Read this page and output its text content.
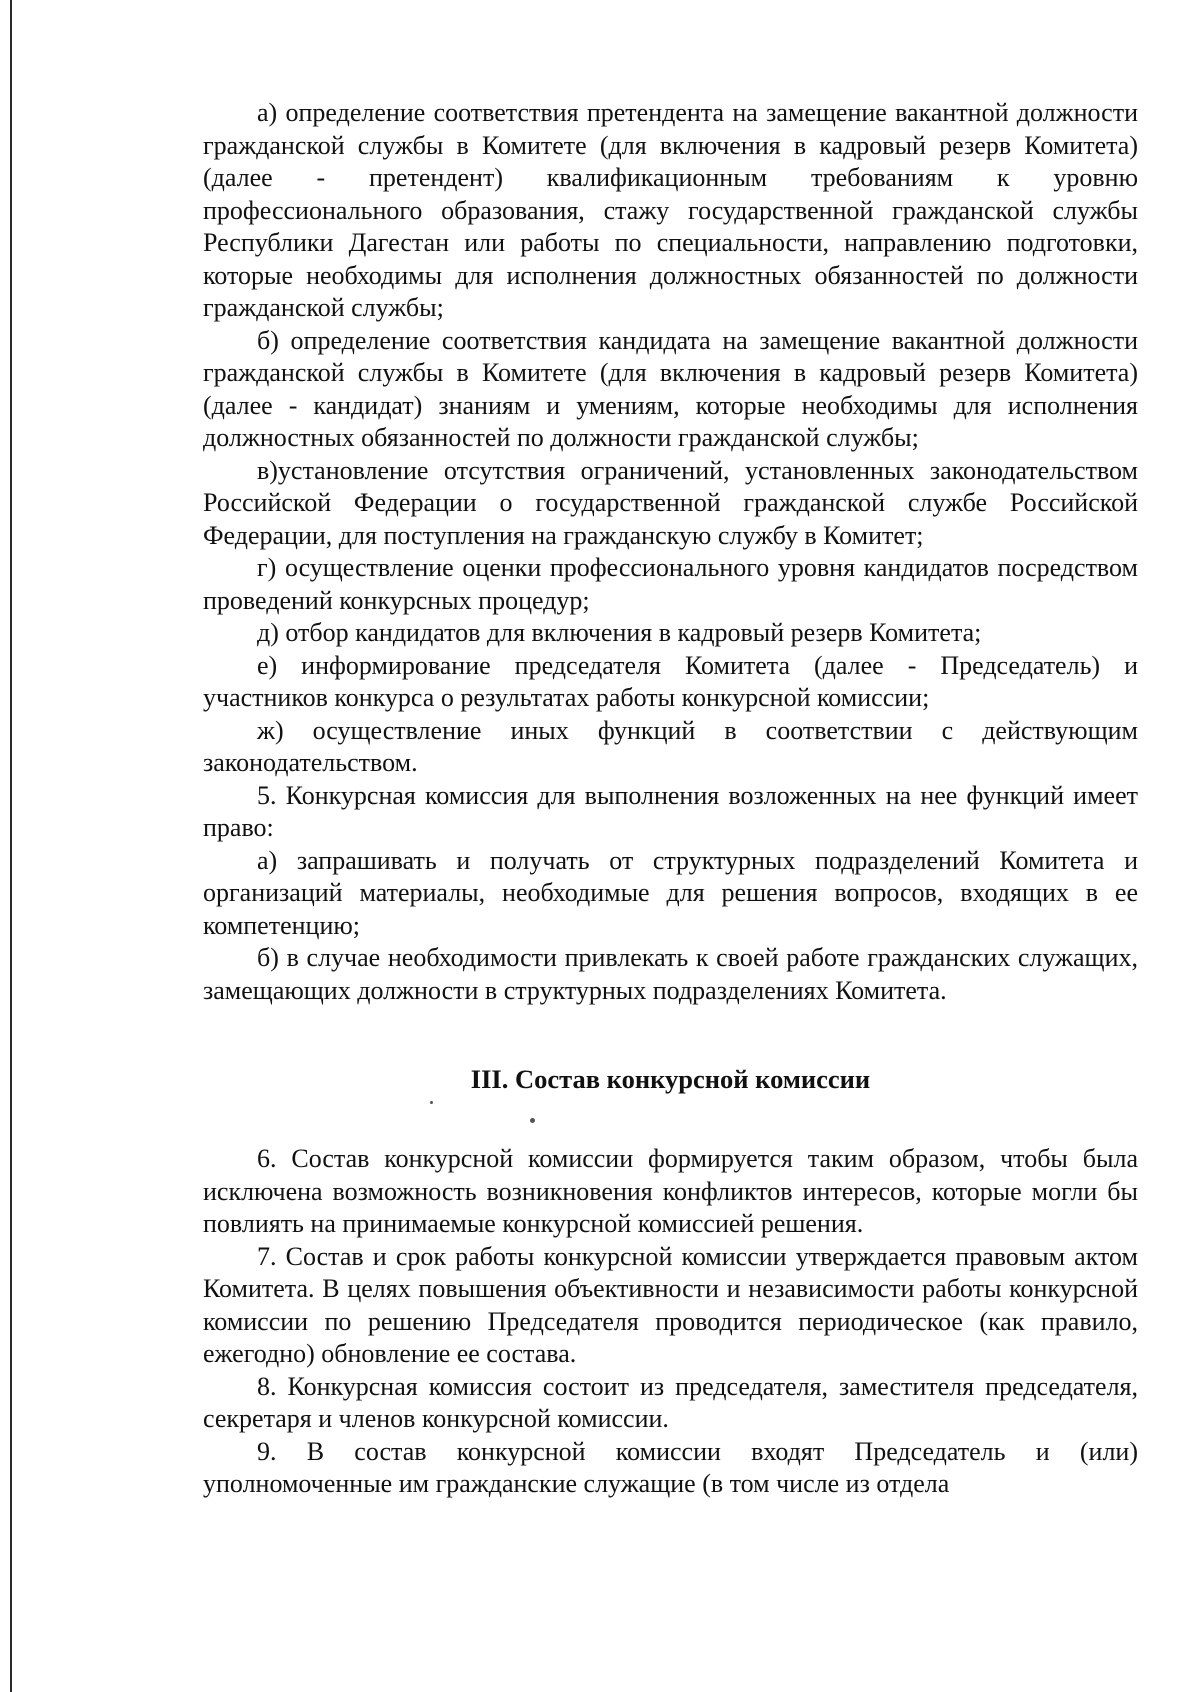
а) определение соответствия претендента на замещение вакантной должности гражданской службы в Комитете (для включения в кадровый резерв Комитета) (далее - претендент) квалификационным требованиям к уровню профессионального образования, стажу государственной гражданской службы Республики Дагестан или работы по специальности, направлению подготовки, которые необходимы для исполнения должностных обязанностей по должности гражданской службы;

б) определение соответствия кандидата на замещение вакантной должности гражданской службы в Комитете (для включения в кадровый резерв Комитета) (далее - кандидат) знаниям и умениям, которые необходимы для исполнения должностных обязанностей по должности гражданской службы;

в)установление отсутствия ограничений, установленных законодательством Российской Федерации о государственной гражданской службе Российской Федерации, для поступления на гражданскую службу в Комитет;

г) осуществление оценки профессионального уровня кандидатов посредством проведений конкурсных процедур;

д) отбор кандидатов для включения в кадровый резерв Комитета;

е) информирование председателя Комитета (далее - Председатель) и участников конкурса о результатах работы конкурсной комиссии;

ж) осуществление иных функций в соответствии с действующим законодательством.

5. Конкурсная комиссия для выполнения возложенных на нее функций имеет право:

а) запрашивать и получать от структурных подразделений Комитета и организаций материалы, необходимые для решения вопросов, входящих в ее компетенцию;

б) в случае необходимости привлекать к своей работе гражданских служащих, замещающих должности в структурных подразделениях Комитета.

III. Состав конкурсной комиссии

6. Состав конкурсной комиссии формируется таким образом, чтобы была исключена возможность возникновения конфликтов интересов, которые могли бы повлиять на принимаемые конкурсной комиссией решения.

7. Состав и срок работы конкурсной комиссии утверждается правовым актом Комитета. В целях повышения объективности и независимости работы конкурсной комиссии по решению Председателя проводится периодическое (как правило, ежегодно) обновление ее состава.

8. Конкурсная комиссия состоит из председателя, заместителя председателя, секретаря и членов конкурсной комиссии.

9. В состав конкурсной комиссии входят Председатель и (или) уполномоченные им гражданские служащие (в том числе из отдела
